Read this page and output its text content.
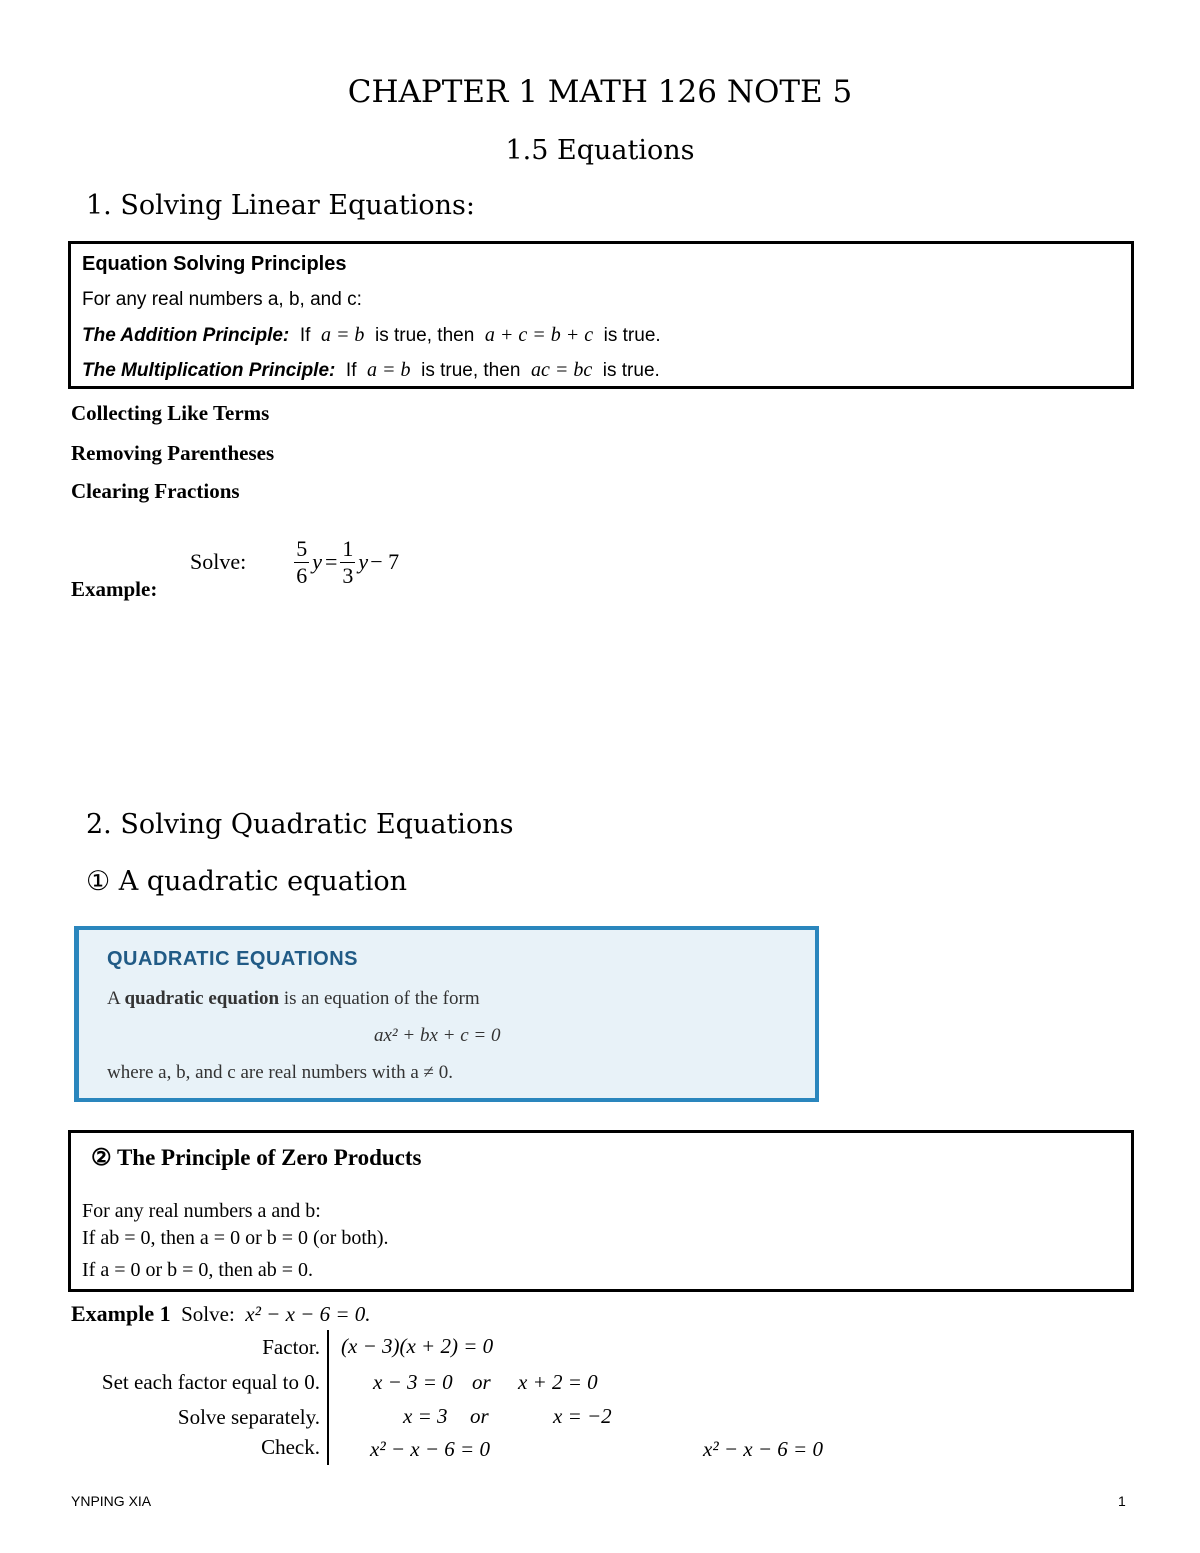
CHAPTER 1 MATH 126 NOTE 5
1.5 Equations
1. Solving Linear Equations:
Equation Solving Principles
For any real numbers a, b, and c:
The Addition Principle: If a = b is true, then a + c = b + c is true.
The Multiplication Principle: If a = b is true, then ac = bc is true.
Collecting Like Terms
Removing Parentheses
Clearing Fractions
Example:
Solve:
5
6
$y = \frac{1}{3}$ y − 7
2. Solving Quadratic Equations
① A quadratic equation
QUADRATIC EQUATIONS
A quadratic equation is an equation of the form
ax² + bx + c = 0
where a, b, and c are real numbers with a ≠ 0.
② The Principle of Zero Products
For any real numbers a and b:
If ab = 0, then a = 0 or b = 0 (or both).
If a = 0 or b = 0, then ab = 0.
Example 1 Solve: x² − x − 6 = 0.
Factor. (x − 3)(x + 2) = 0
Set each factor equal to 0.	x − 3 = 0 or x + 2 = 0
Solve separately.	x = 3 or	x = −2
Check. x² − x − 6 = 0	x² − x − 6 = 0
YNPING XIA	1
